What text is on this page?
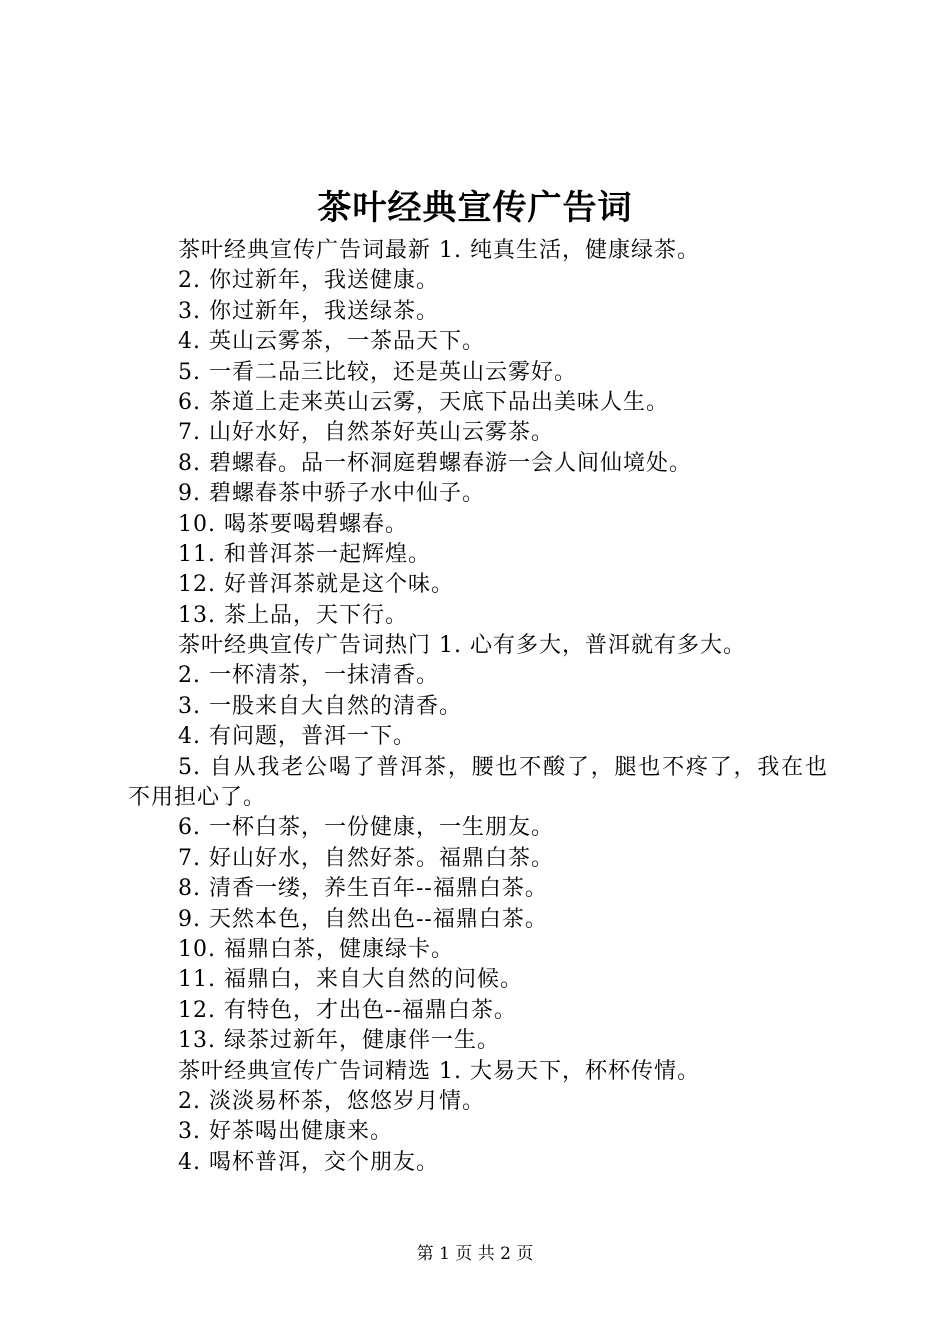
茶叶经典宣传广告词
茶叶经典宣传广告词最新 1. 纯真生活，健康绿茶。
2. 你过新年，我送健康。
3. 你过新年，我送绿茶。
4. 英山云雾茶，一茶品天下。
5. 一看二品三比较，还是英山云雾好。
6. 茶道上走来英山云雾，天底下品出美味人生。
7. 山好水好，自然茶好英山云雾茶。
8. 碧螺春。品一杯洞庭碧螺春游一会人间仙境处。
9. 碧螺春茶中骄子水中仙子。
10. 喝茶要喝碧螺春。
11. 和普洱茶一起辉煌。
12. 好普洱茶就是这个味。
13. 茶上品，天下行。
茶叶经典宣传广告词热门 1. 心有多大，普洱就有多大。
2. 一杯清茶，一抹清香。
3. 一股来自大自然的清香。
4. 有问题，普洱一下。
5. 自从我老公喝了普洱茶，腰也不酸了，腿也不疼了，我在也不用担心了。
6. 一杯白茶，一份健康，一生朋友。
7. 好山好水，自然好茶。福鼎白茶。
8. 清香一缕，养生百年--福鼎白茶。
9. 天然本色，自然出色--福鼎白茶。
10. 福鼎白茶，健康绿卡。
11. 福鼎白，来自大自然的问候。
12. 有特色，才出色--福鼎白茶。
13. 绿茶过新年，健康伴一生。
茶叶经典宣传广告词精选 1. 大易天下，杯杯传情。
2. 淡淡易杯茶，悠悠岁月情。
3. 好茶喝出健康来。
4. 喝杯普洱，交个朋友。
第 1 页 共 2 页
